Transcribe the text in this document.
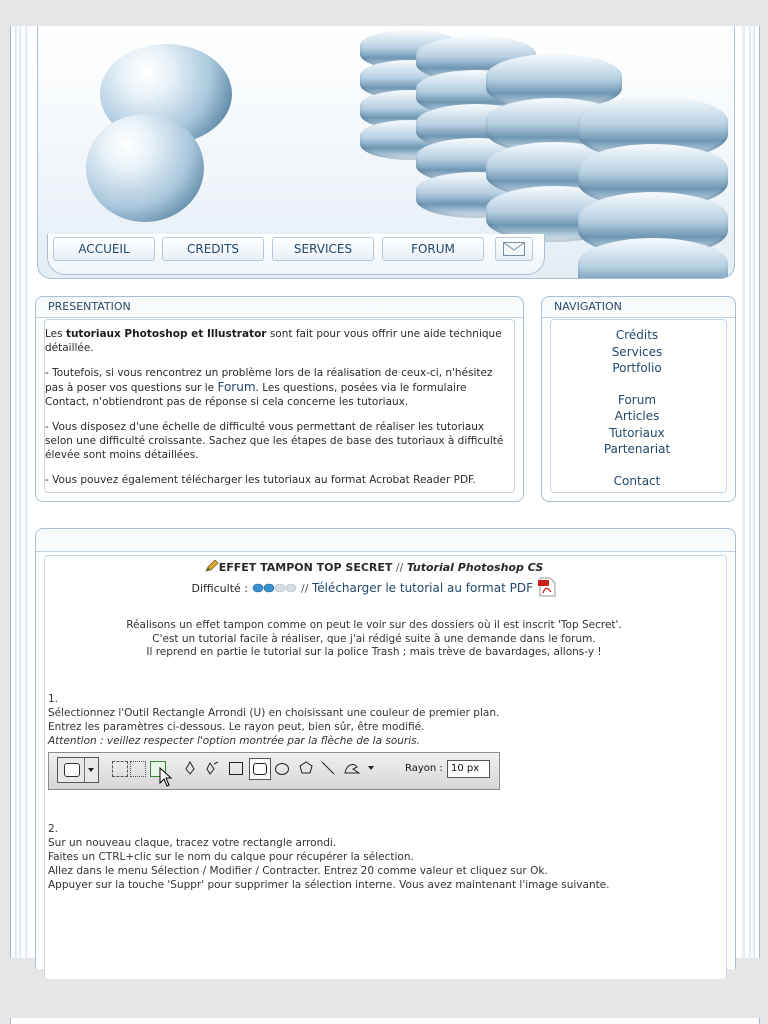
ACCUEIL	CREDITS	SERVICES	FORUM
PRESENTATION	NAVIGATION

Les tutoriaux Photoshop et Illustrator sont fait pour vous offrir une aide technique détaillée.

- Toutefois, si vous rencontrez un problème lors de la réalisation de ceux-ci, n'hésitez pas à poser vos questions sur le Forum. Les questions, posées via le formulaire Contact, n'obtiendront pas de réponse si cela concerne les tutoriaux.

- Vous disposez d'une échelle de difficulté vous permettant de réaliser les tutoriaux selon une difficulté croissante. Sachez que les étapes de base des tutoriaux à difficulté élevée sont moins détaillées.

- Vous pouvez également télécharger les tutoriaux au format Acrobat Reader PDF.

Crédits
Services
Portfolio
Forum
Articles
Tutoriaux
Partenariat
Contact
EFFET TAMPON TOP SECRET // Tutorial Photoshop CS
Difficulté :	// Télécharger le tutorial au format PDF
Réalisons un effet tampon comme on peut le voir sur des dossiers où il est inscrit 'Top Secret'.
C'est un tutorial facile à réaliser, que j'ai rédigé suite à une demande dans le forum.
Il reprend en partie le tutorial sur la police Trash ; mais trève de bavardages, allons-y !
1.
Sélectionnez l'Outil Rectangle Arrondi (U) en choisissant une couleur de premier plan.
Entrez les paramètres ci-dessous. Le rayon peut, bien sûr, être modifié.
Attention : veillez respecter l'option montrée par la flèche de la souris.
Rayon : 10 px
2.
Sur un nouveau claque, tracez votre rectangle arrondi.
Faites un CTRL+clic sur le nom du calque pour récupérer la sélection.
Allez dans le menu Sélection / Modifier / Contracter. Entrez 20 comme valeur et cliquez sur Ok.
Appuyer sur la touche 'Suppr' pour supprimer la sélection interne. Vous avez maintenant l'image suivante.
